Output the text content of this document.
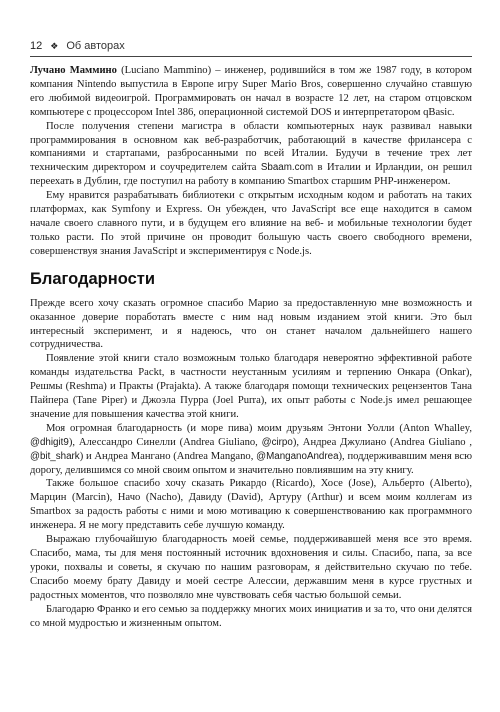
12 ❖ Об авторах

Лучано Маммино (Luciano Mammino) – инженер, родившийся в том же 1987 году, в котором компания Nintendo выпустила в Европе игру Super Mario Bros, совершенно случайно ставшую его любимой видеоигрой. Программировать он начал в возрасте 12 лет, на старом отцовском компьютере с процессором Intel 386, операционной системой DOS и интерпретатором qBasic.

После получения степени магистра в области компьютерных наук развивал навыки программирования в основном как веб-разработчик, работающий в качестве фрилансера с компаниями и стартапами, разбросанными по всей Италии. Будучи в течение трех лет техническим директором и соучредителем сайта Sbaam.com в Италии и Ирландии, он решил переехать в Дублин, где поступил на работу в компанию Smartbox старшим PHP-инженером.

Ему нравится разрабатывать библиотеки с открытым исходным кодом и работать на таких платформах, как Symfony и Express. Он убежден, что JavaScript все еще находится в самом начале своего славного пути, и в будущем его влияние на веб- и мобильные технологии будет только расти. По этой причине он проводит большую часть своего свободного времени, совершенствуя знания JavaScript и экспериментируя с Node.js.

Благодарности

Прежде всего хочу сказать огромное спасибо Марио за предоставленную мне возможность и оказанное доверие поработать вместе с ним над новым изданием этой книги. Это был интересный эксперимент, и я надеюсь, что он станет началом дальнейшего нашего сотрудничества.

Появление этой книги стало возможным только благодаря невероятно эффективной работе команды издательства Packt, в частности неустанным усилиям и терпению Онкара (Onkar), Решмы (Reshma) и Практы (Prajakta). А также благодаря помощи технических рецензентов Тана Пайпера (Tane Piper) и Джоэла Пурра (Joel Purra), их опыт работы с Node.js имел решающее значение для повышения качества этой книги.

Моя огромная благодарность (и море пива) моим друзьям Энтони Уолли (Anton Whalley, @dhigit9), Алессандро Синелли (Andrea Giuliano, @cirpo), Андреа Джулиано (Andrea Giuliano , @bit_shark) и Андреа Мангано (Andrea Mangano, @ManganoAndrea), поддерживавшим меня всю дорогу, делившимся со мной своим опытом и значительно повлиявшим на эту книгу.

Также большое спасибо хочу сказать Рикардо (Ricardo), Хосе (Jose), Альберто (Alberto), Марцин (Marcin), Начо (Nacho), Давиду (David), Артуру (Arthur) и всем моим коллегам из Smartbox за радость работы с ними и мою мотивацию к совершенствованию как программного инженера. Я не могу представить себе лучшую команду.

Выражаю глубочайшую благодарность моей семье, поддерживавшей меня все это время. Спасибо, мама, ты для меня постоянный источник вдохновения и силы. Спасибо, папа, за все уроки, похвалы и советы, я скучаю по нашим разговорам, я действительно скучаю по тебе. Спасибо моему брату Давиду и моей сестре Алессии, державшим меня в курсе грустных и радостных моментов, что позволяло мне чувствовать себя частью большой семьи.

Благодарю Франко и его семью за поддержку многих моих инициатив и за то, что они делятся со мной мудростью и жизненным опытом.
